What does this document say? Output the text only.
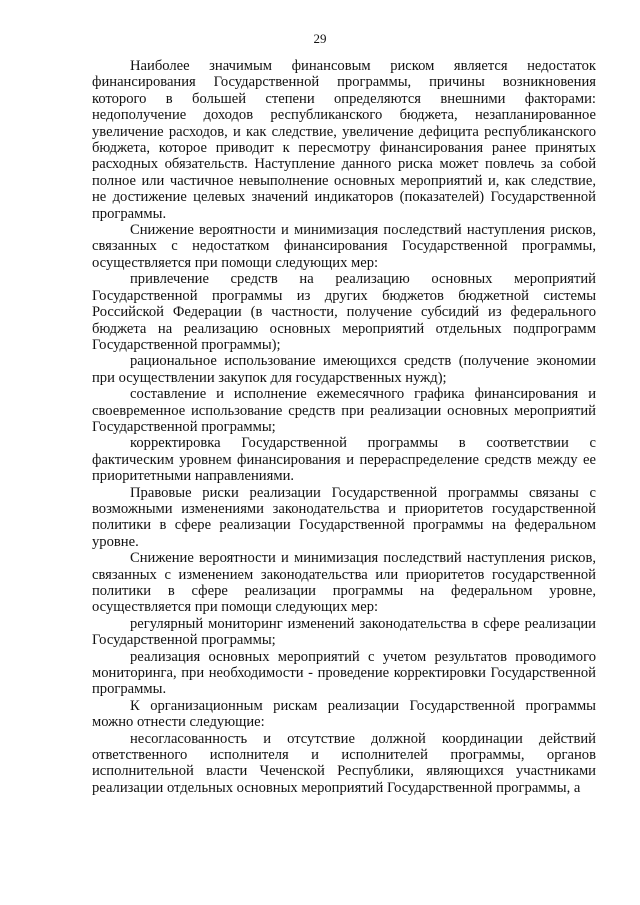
29

Наиболее значимым финансовым риском является недостаток финансирования Государственной программы, причины возникновения которого в большей степени определяются внешними факторами: недополучение доходов республиканского бюджета, незапланированное увеличение расходов, и как следствие, увеличение дефицита республиканского бюджета, которое приводит к пересмотру финансирования ранее принятых расходных обязательств. Наступление данного риска может повлечь за собой полное или частичное невыполнение основных мероприятий и, как следствие, не достижение целевых значений индикаторов (показателей) Государственной программы.

Снижение вероятности и минимизация последствий наступления рисков, связанных с недостатком финансирования Государственной программы, осуществляется при помощи следующих мер:

привлечение средств на реализацию основных мероприятий Государственной программы из других бюджетов бюджетной системы Российской Федерации (в частности, получение субсидий из федерального бюджета на реализацию основных мероприятий отдельных подпрограмм Государственной программы);

рациональное использование имеющихся средств (получение экономии при осуществлении закупок для государственных нужд);

составление и исполнение ежемесячного графика финансирования и своевременное использование средств при реализации основных мероприятий Государственной программы;

корректировка Государственной программы в соответствии с фактическим уровнем финансирования и перераспределение средств между ее приоритетными направлениями.

Правовые риски реализации Государственной программы связаны с возможными изменениями законодательства и приоритетов государственной политики в сфере реализации Государственной программы на федеральном уровне.

Снижение вероятности и минимизация последствий наступления рисков, связанных с изменением законодательства или приоритетов государственной политики в сфере реализации программы на федеральном уровне, осуществляется при помощи следующих мер:

регулярный мониторинг изменений законодательства в сфере реализации Государственной программы;

реализация основных мероприятий с учетом результатов проводимого мониторинга, при необходимости - проведение корректировки Государственной программы.

К организационным рискам реализации Государственной программы можно отнести следующие:

несогласованность и отсутствие должной координации действий ответственного исполнителя и исполнителей программы, органов исполнительной власти Чеченской Республики, являющихся участниками реализации отдельных основных мероприятий Государственной программы, а
